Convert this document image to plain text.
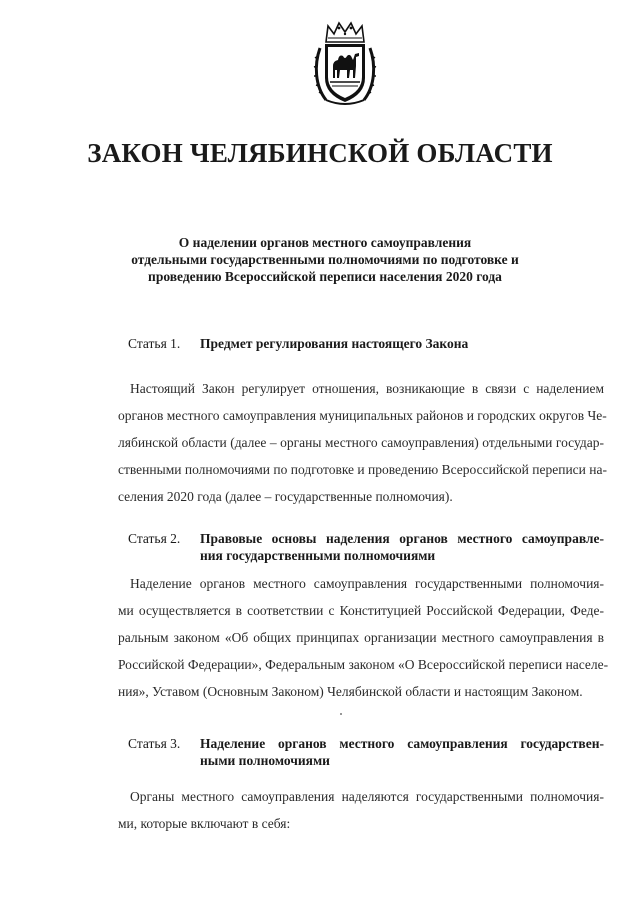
ЗАКОН ЧЕЛЯБИНСКОЙ ОБЛАСТИ
О наделении органов местного самоуправления
отдельными государственными полномочиями по подготовке и
проведению Всероссийской переписи населения 2020 года
Статья 1.	Предмет регулирования настоящего Закона
Настоящий Закон регулирует отношения, возникающие в связи с наделением
органов местного самоуправления муниципальных районов и городских округов Че-
лябинской области (далее – органы местного самоуправления) отдельными государ-
ственными полномочиями по подготовке и проведению Всероссийской переписи на-
селения 2020 года (далее – государственные полномочия).
Статья 2.	Правовые основы наделения органов местного самоуправле-
ния государственными полномочиями
Наделение органов местного самоуправления государственными полномочия-
ми осуществляется в соответствии с Конституцией Российской Федерации, Феде-
ральным законом «Об общих принципах организации местного самоуправления в
Российской Федерации», Федеральным законом «О Всероссийской переписи населе-
ния», Уставом (Основным Законом) Челябинской области и настоящим Законом.
Статья 3.	Наделение органов местного самоуправления государствен-
ными полномочиями
Органы местного самоуправления наделяются государственными полномочия-
ми, которые включают в себя:
